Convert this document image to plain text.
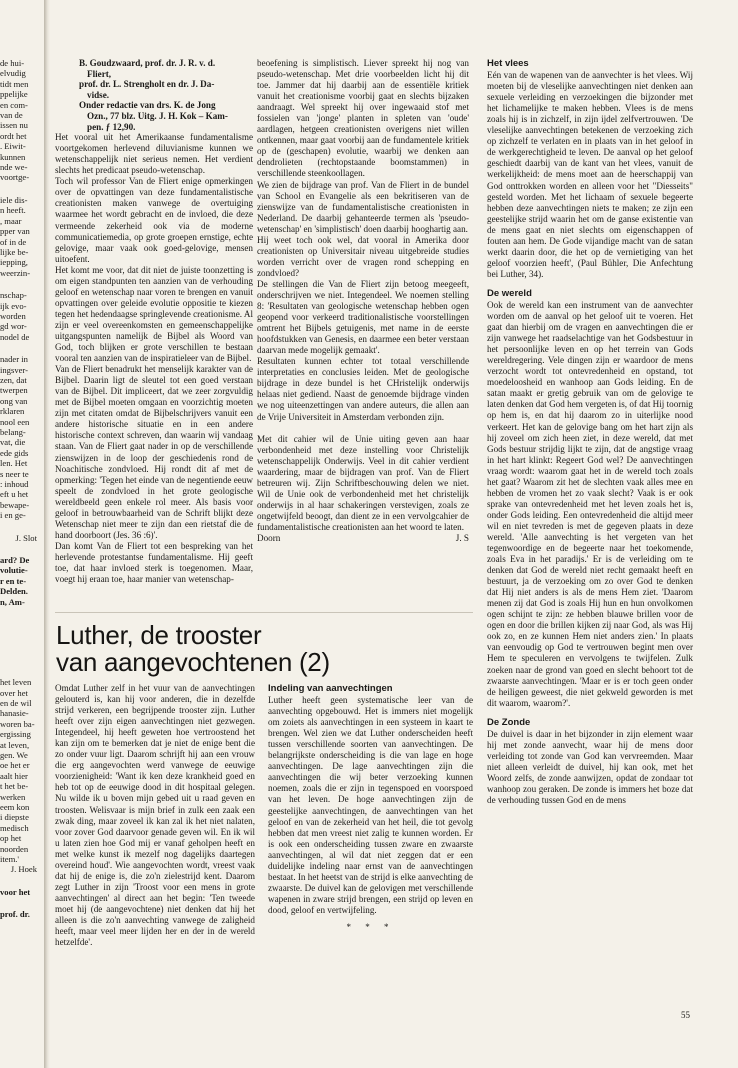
de hui-
elvudig
tidt men
ppelijke
en com-
van de
issen nu
ordt het
. Eiwit-
kunnen
nde we-
voortge-
iele dis-
n heeft.
, maar
pper van
of in de
lijke be-
iepping,
weerzin-
nschap-
ijk evo-
worden
gd wor-
nodel de
nader in
ingsver-
zen, dat
twerpen
ong van
rklaren
nool een
belang-
vat, die
ede gids
len. Het
s neer te
: inhoud
eft u het
bewape-
i en ge-
J. Slot
ard? De
volutie-
r en te-
Delden.
n, Am-
het leven
over het
en de wil
hanasie-
woren ba-
ergissing
at leven,
gen. We
oe het er
aalt hier
t het be-
werken
eem kon
i diepste
medisch
op het
noorden
item.'
J. Hoek
voor het
prof. dr.
B. Goudzwaard, prof. dr. J. R. v. d.
Fliert,
prof. dr. L. Strengholt en dr. J. Da-
vidse.
Onder redactie van drs. K. de Jong
Ozn., 77 blz. Uitg. J. H. Kok – Kam-
pen. ƒ 12,90.

Het vooral uit het Amerikaanse fundamentalisme voortgekomen herlevend diluvianisme kunnen we wetenschappelijk niet serieus nemen. Het verdient slechts het predicaat pseudo-wetenschap.

Toch wil professor Van de Fliert enige opmerkingen over de opvattingen van deze fundamentalistische creationisten maken vanwege de overtuiging waarmee het wordt gebracht en de invloed, die deze vermeende zekerheid ook via de moderne communicatiemedia, op grote groepen ernstige, echte gelovige, maar vaak ook goed-gelovige, mensen uitoefent.

Het komt me voor, dat dit niet de juiste toonzetting is om eigen standpunten ten aanzien van de verhouding geloof en wetenschap naar voren te brengen en vanuit opvattingen over geleide evolutie oppositie te kiezen tegen het hedendaagse springlevende creationisme. Al zijn er veel overeenkomsten en gemeenschappelijke uitgangspunten namelijk de Bijbel als Woord van God, toch blijken er grote verschillen te bestaan vooral ten aanzien van de inspiratieleer van de Bijbel.

Van de Fliert benadrukt het menselijk karakter van de Bijbel. Daarin ligt de sleutel tot een goed verstaan van de Bijbel. Dit impliceert, dat we zeer zorgvuldig met de Bijbel moeten omgaan en voorzichtig moeten zijn met citaten omdat de Bijbelschrijvers vanuit een andere historische situatie en in een andere historische context schreven, dan waarin wij vandaag staan. Van de Fliert gaat nader in op de verschillende zienswijzen in de loop der geschiedenis rond de Noachitische zondvloed. Hij rondt dit af met de opmerking: 'Tegen het einde van de negentiende eeuw speelt de zondvloed in het grote geologische wereldbeeld geen enkele rol meer. Als basis voor geloof in betrouwbaarheid van de Schrift blijkt deze Wetenschap niet meer te zijn dan een rietstaf die de hand doorboort (Jes. 36 :6)'.

Dan komt Van de Fliert tot een bespreking van het herlevende protestantse fundamentalisme. Hij geeft toe, dat haar invloed sterk is toegenomen. Maar, voegt hij eraan toe, haar manier van wetenschap-

beoefening is simplistisch. Liever spreekt hij nog van pseudo-wetenschap. Met drie voorbeelden licht hij dit toe. Jammer dat hij daarbij aan de essentiële kritiek vanuit het creationisme voorbij gaat en slechts bijzaken aandraagt. Wel spreekt hij over ingewaaid stof met fossielen van 'jonge' planten in spleten van 'oude' aardlagen, hetgeen creationisten overigens niet willen ontkennen, maar gaat voorbij aan de fundamentele kritiek op de (geschapen) evolutie, waarbij we denken aan dendrolieten (rechtopstaande boomstammen) in verschillende steenkoollagen.

We zien de bijdrage van prof. Van de Fliert in de bundel van School en Evangelie als een bekritiseren van de zienswijze van de fundamentalistische creationisten in Nederland. De daarbij gehanteerde termen als 'pseudo-wetenschap' en 'simplistisch' doen daarbij hooghartig aan.

Hij weet toch ook wel, dat vooral in Amerika door creationisten op Universitair niveau uitgebreide studies worden verricht over de vragen rond schepping en zondvloed?

De stellingen die Van de Fliert zijn betoog meegeeft, onderschrijven we niet. Integendeel. We noemen stelling 8: 'Resultaten van geologische wetenschap hebben ogen geopend voor verkeerd traditionalistische voorstellingen omtrent het Bijbels getuigenis, met name in de eerste hoofdstukken van Genesis, en daarmee een beter verstaan daarvan mede mogelijk gemaakt'.

Resultaten kunnen echter tot totaal verschillende interpretaties en conclusies leiden. Met de geologische bijdrage in deze bundel is het CHristelijk onderwijs helaas niet gediend. Naast de genoemde bijdrage vinden we nog uiteenzettingen van andere auteurs, die allen aan de Vrije Universiteit in Amsterdam verbonden zijn.

Met dit cahier wil de Unie uiting geven aan haar verbondenheid met deze instelling voor Christelijk wetenschappelijk Onderwijs. Veel in dit cahier verdient waardering, maar de bijdragen van prof. Van de Fliert betreuren wij. Zijn Schriftbeschouwing delen we niet. Wil de Unie ook de verbondenheid met het christelijk onderwijs in al haar schakeringen verstevigen, zoals ze ongetwijfeld beoogt, dan dient ze in een vervolgcahier de fundamentalistische creationisten aan het woord te laten.

Doorn	J. S
Het vlees

Eén van de wapenen van de aanvechter is het vlees. Wij moeten bij de vleselijke aanvechtingen niet denken aan sexuele verleiding en verzoekingen die bijzonder met het lichamelijke te maken hebben. Vlees is de mens zoals hij is in zichzelf, in zijn ijdel zelfvertrouwen. 'De vleselijke aanvechtingen betekenen de verzoeking zich op zichzelf te verlaten en in plaats van in het geloof in de werkgerechtigheid te leven. De aanval op het geloof geschiedt daarbij van de kant van het vlees, vanuit de werkelijkheid: de mens moet aan de heerschappij van God onttrokken worden en alleen voor het "Diesseits" gesteld worden. Met het lichaam of sexuele begeerte hebben deze aanvechtingen niets te maken; ze zijn een geestelijke strijd waarin het om de ganse existentie van de mens gaat en niet slechts om eigenschappen of fouten aan hem. De Gode vijandige macht van de satan werkt daarin door, die het op de vernietiging van het geloof voorzien heeft', (Paul Bühler, Die Anfechtung bei Luther, 34).

De wereld

Ook de wereld kan een instrument van de aanvechter worden om de aanval op het geloof uit te voeren. Het gaat dan hierbij om de vragen en aanvechtingen die er zijn vanwege het raadselachtige van het Godsbestuur in het persoonlijke leven en op het terrein van Gods wereldregering. Vele dingen zijn er waardoor de mens verzocht wordt tot ontevredenheid en opstand, tot moedeloosheid en wanhoop aan Gods leiding. En de satan maakt er gretig gebruik van om de gelovige te laten denken dat God hem vergeten is, of dat Hij toornig op hem is, en dat hij daarom zo in uiterlijke nood verkeert. Het kan de gelovige bang om het hart zijn als hij zoveel om zich heen ziet, in deze wereld, dat met Gods bestuur strijdig lijkt te zijn, dat de angstige vraag in het hart klinkt: Regeert God wel? De aanvechtingen vraag wordt: waarom gaat het in de wereld toch zoals het gaat? Waarom zit het de slechten vaak alles mee en hebben de vromen het zo vaak slecht? Vaak is er ook sprake van ontevredenheid met het leven zoals het is, onder Gods leiding. Een ontevredenheid die altijd meer wil en niet tevreden is met de gegeven plaats in deze wereld. 'Alle aanvechting is het vergeten van het tegenwoordige en de begeerte naar het toekomende, zoals Eva in het paradijs.' Er is de verleiding om te denken dat God de wereld niet recht gemaakt heeft en bestuurt, ja de verzoeking om zo over God te denken dat Hij niet anders is als de mens Hem ziet. 'Daarom menen zij dat God is zoals Hij hun en hun onvolkomen ogen schijnt te zijn: ze hebben blauwe brillen voor de ogen en door die brillen kijken zij naar God, als was Hij ook zo, en ze kunnen Hem niet anders zien.' In plaats van eenvoudig op God te vertrouwen begint men over Hem te speculeren en vervolgens te twijfelen. Zulk zoeken naar de grond van goed en slecht behoort tot de zwaarste aanvechtingen. 'Maar er is er toch geen onder de heiligen geweest, die niet gekweld geworden is met dit waarom, waarom?'.

De Zonde

De duivel is daar in het bijzonder in zijn element waar hij met zonde aanvecht, waar hij de mens door verleiding tot zonde van God kan vervreemden. Maar niet alleen verleidt de duivel, hij kan ook, met het Woord zelfs, de zonde aanwijzen, opdat de zondaar tot wanhoop zou geraken. De zonde is immers het boze dat de verhouding tussen God en de mens

Luther, de trooster
van aangevochtenen (2)

Omdat Luther zelf in het vuur van de aanvechtingen gelouterd is, kan hij voor anderen, die in dezelfde strijd verkeren, een begrijpende trooster zijn. Luther heeft over zijn eigen aanvechtingen niet gezwegen. Integendeel, hij heeft geweten hoe vertroostend het kan zijn om te bemerken dat je niet de enige bent die zo onder vuur ligt. Daarom schrijft hij aan een vrouw die erg aangevochten werd vanwege de eeuwige voorzienigheid: 'Want ik ken deze krankheid goed en heb tot op de eeuwige dood in dit hospitaal gelegen. Nu wilde ik u boven mijn gebed uit u raad geven en troosten. Welisvaar is mijn brief in zulk een zaak een zwak ding, maar zoveel ik kan zal ik het niet nalaten, voor zover God daarvoor genade geven wil. En ik wil u laten zien hoe God mij er vanaf geholpen heeft en met welke kunst ik mezelf nog dagelijks daartegen overeind houd'. Wie aangevochten wordt, vreest vaak dat hij de enige is, die zo'n zielestrijd kent. Daarom zegt Luther in zijn 'Troost voor een mens in grote aanvechtingen' al direct aan het begin: 'Ten tweede moet hij (de aangevochtene) niet denken dat hij het alleen is die zo'n aanvechting vanwege de zaligheid heeft, maar veel meer lijden her en der in de wereld hetzelfde'.

Indeling van aanvechtingen

Luther heeft geen systematische leer van de aanvechting opgebouwd. Het is immers niet mogelijk om zoiets als aanvechtingen in een systeem in kaart te brengen. Wel zien we dat Luther onderscheiden heeft tussen verschillende soorten van aanvechtingen. De belangrijkste onderscheiding is die van lage en hoge aanvechtingen. De lage aanvechtingen zijn die aanvechtingen die wij beter verzoeking kunnen noemen, zoals die er zijn in tegenspoed en voorspoed van het leven. De hoge aanvechtingen zijn de geestelijke aanvechtingen, de aanvechtingen van het geloof en van de zekerheid van het heil, die tot gevolg hebben dat men vreest niet zalig te kunnen worden. Er is ook een onderscheiding tussen zware en zwaarste aanvechtingen, al wil dat niet zeggen dat er een duidelijke indeling naar ernst van de aanvechtingen bestaat. In het heetst van de strijd is elke aanvechting de zwaarste. De duivel kan de gelovigen met verschillende wapenen in zware strijd brengen, een strijd op leven en dood, geloof en vertwijfeling.

* * *
55
